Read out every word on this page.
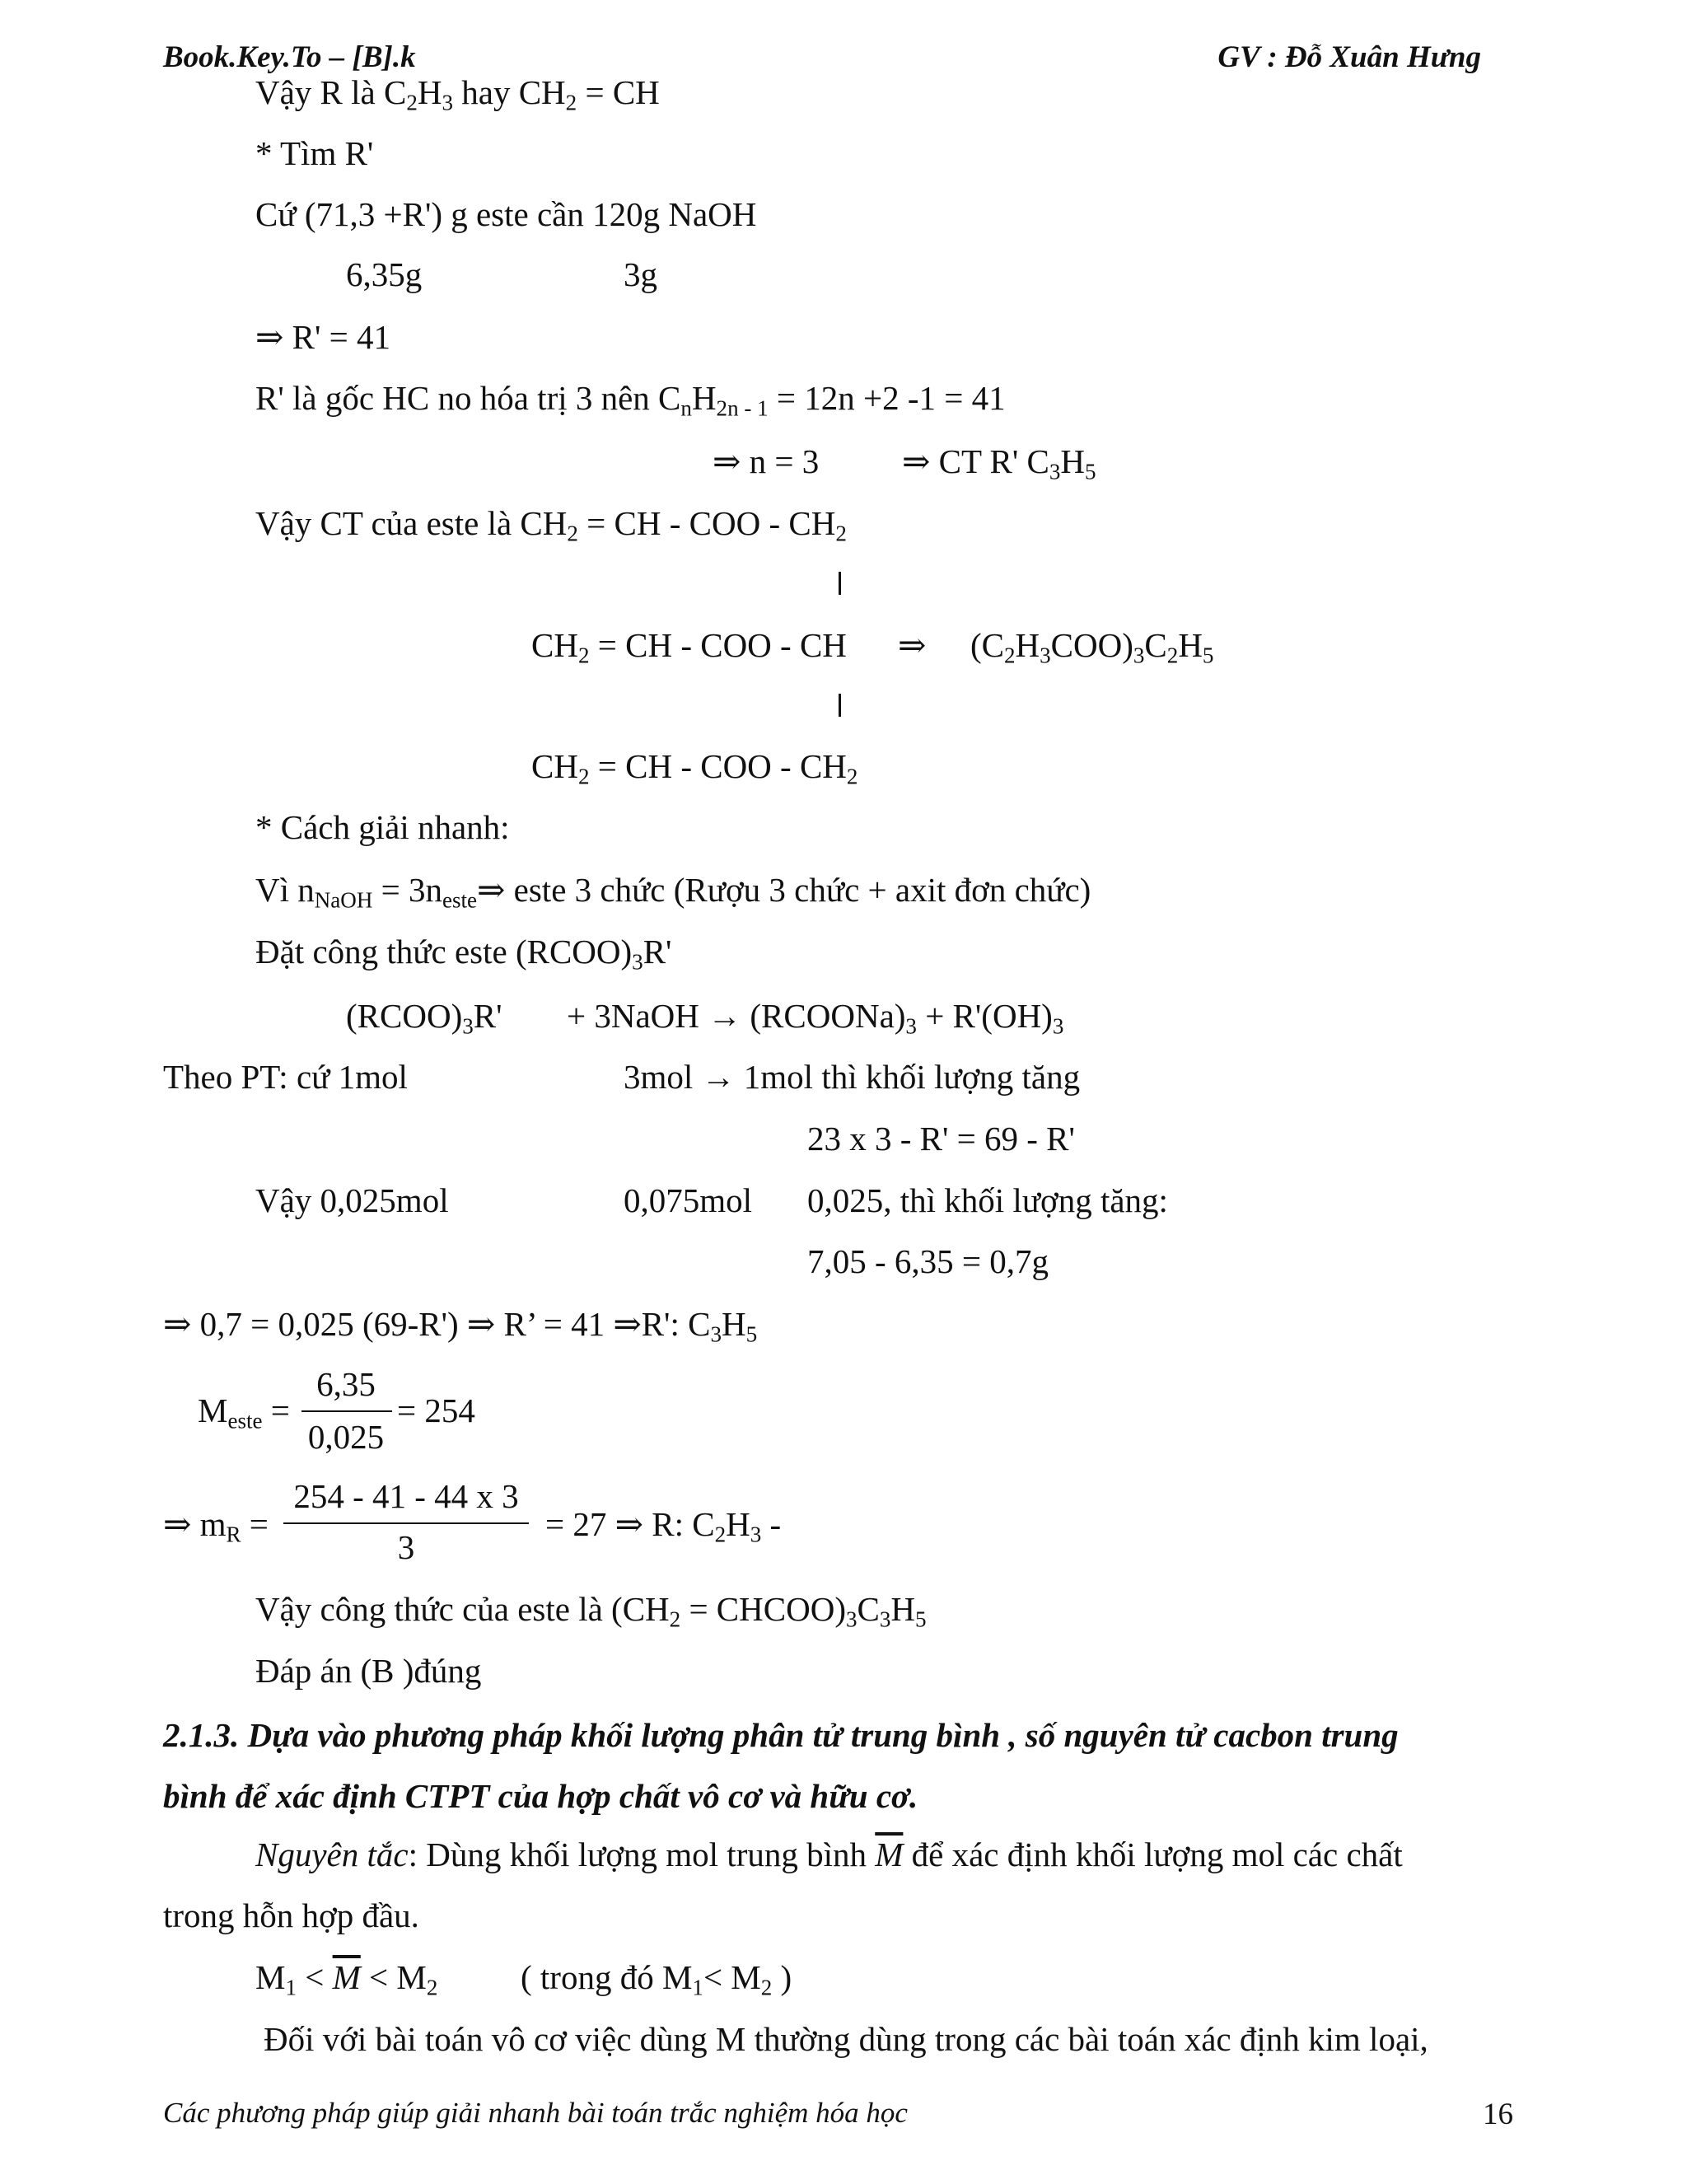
Book.Key.To – [B].k	GV : Đỗ Xuân Hưng
Vậy R là $C_2H_3$ hay $CH_2$ = CH
* Tìm R'
Cứ (71,3 +R') g este cần 120g NaOH
6,35g	3g
⇒ R' = 41
R' là gốc HC no hóa trị 3 nên $C_nH_{2n - 1} = 12n +2$ -1 = 41
⇒ n = 3 ⇒ CT R' $C_3H_5$
Vậy CT của este là $CH_2$ = CH - COO - $CH_2$
$CH_2$ = CH - COO - CH ⇒ $(C_2H_3COO)_3C_2H_5$
$CH_2$ = CH - COO - $CH_2$
* Cách giải nhanh:
Vì $n_{NaOH}$ = $3n_{este}\Rightarrow$ este 3 chức (Rượu 3 chức + axit đơn chức)
Đặt công thức este $(RCOO)_3R'$
$(RCOO)_3R'$ + 3NaOH → $(RCOONa)_3 + R'(OH)_3$
Theo PT: cứ 1mol	3mol → 1mol thì khối lượng tăng
23 x 3 - R' = 69 - R'
Vậy 0,025mol	0,075mol 0,025, thì khối lượng tăng:
7,05 - 6,35 = 0,7g
⇒ 0,7 = 0,025 (69-R') ⇒ R’ = 41 ⇒R': $C_3H_5$
$M_{este}$ =
6,35
0,025
= 254
⇒ $m_R$ =
254 - 41 - 44 x 3
3
= 27 ⇒ R: $C_2H_3$ -
Vậy công thức của este là ($CH_2$ = $CHCOO)_3C_3H_5$
Đáp án (B )đúng
2.1.3. Dựa vào phương pháp khối lượng phân tử trung bình , số nguyên tử cacbon trung
bình để xác định CTPT của hợp chất vô cơ và hữu cơ.
Nguyên tắc: Dùng khối lượng mol trung bình $\overline{M}$ để xác định khối lượng mol các chất
trong hỗn hợp đầu.
$M_1 < \overline{M} < M_2$ ( trong đó $M_1< M_2$ )
Đối với bài toán vô cơ việc dùng M thường dùng trong các bài toán xác định kim loại,
Các phương pháp giúp giải nhanh bài toán trắc nghiệm hóa học	16
